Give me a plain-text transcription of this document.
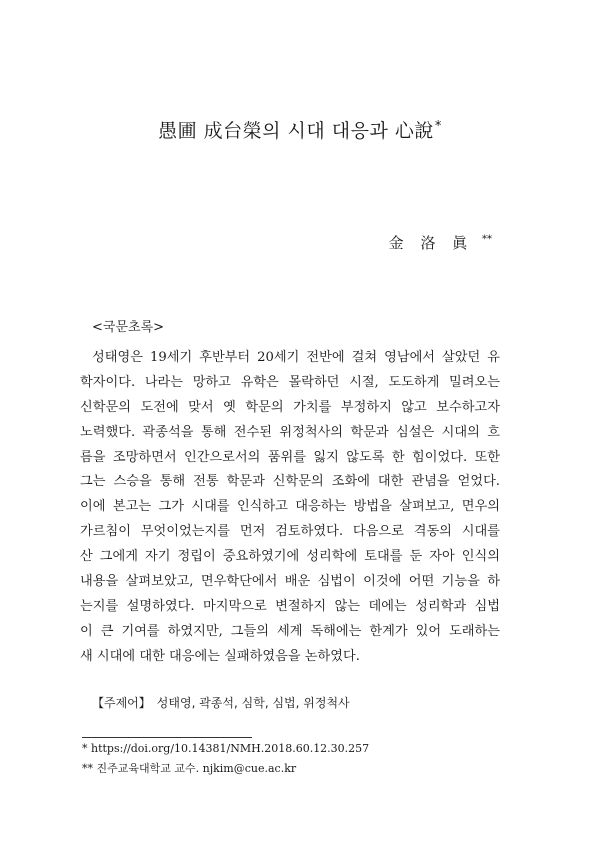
愚圃 成台榮의 시대 대응과 心說*
金 洛 眞 **
<국문초록>
성태영은 19세기 후반부터 20세기 전반에 걸쳐 영남에서 살았던 유
학자이다. 나라는 망하고 유학은 몰락하던 시절, 도도하게 밀려오는
신학문의 도전에 맞서 옛 학문의 가치를 부정하지 않고 보수하고자
노력했다. 곽종석을 통해 전수된 위정척사의 학문과 심설은 시대의 흐
름을 조망하면서 인간으로서의 품위를 잃지 않도록 한 힘이었다. 또한
그는 스승을 통해 전통 학문과 신학문의 조화에 대한 관념을 얻었다.
이에 본고는 그가 시대를 인식하고 대응하는 방법을 살펴보고, 면우의
가르침이 무엇이었는지를 먼저 검토하였다. 다음으로 격동의 시대를
산 그에게 자기 정립이 중요하였기에 성리학에 토대를 둔 자아 인식의
내용을 살펴보았고, 면우학단에서 배운 심법이 이것에 어떤 기능을 하
는지를 설명하였다. 마지막으로 변절하지 않는 데에는 성리학과 심법
이 큰 기여를 하였지만, 그들의 세계 독해에는 한계가 있어 도래하는
새 시대에 대한 대응에는 실패하였음을 논하였다.
【주제어】 성태영 , 곽종석 , 심학 , 심법 , 위정척사
* https://doi.org/10.14381/NMH.2018.60.12.30.257
** 진주교육대학교 교수. njkim@cue.ac.kr
